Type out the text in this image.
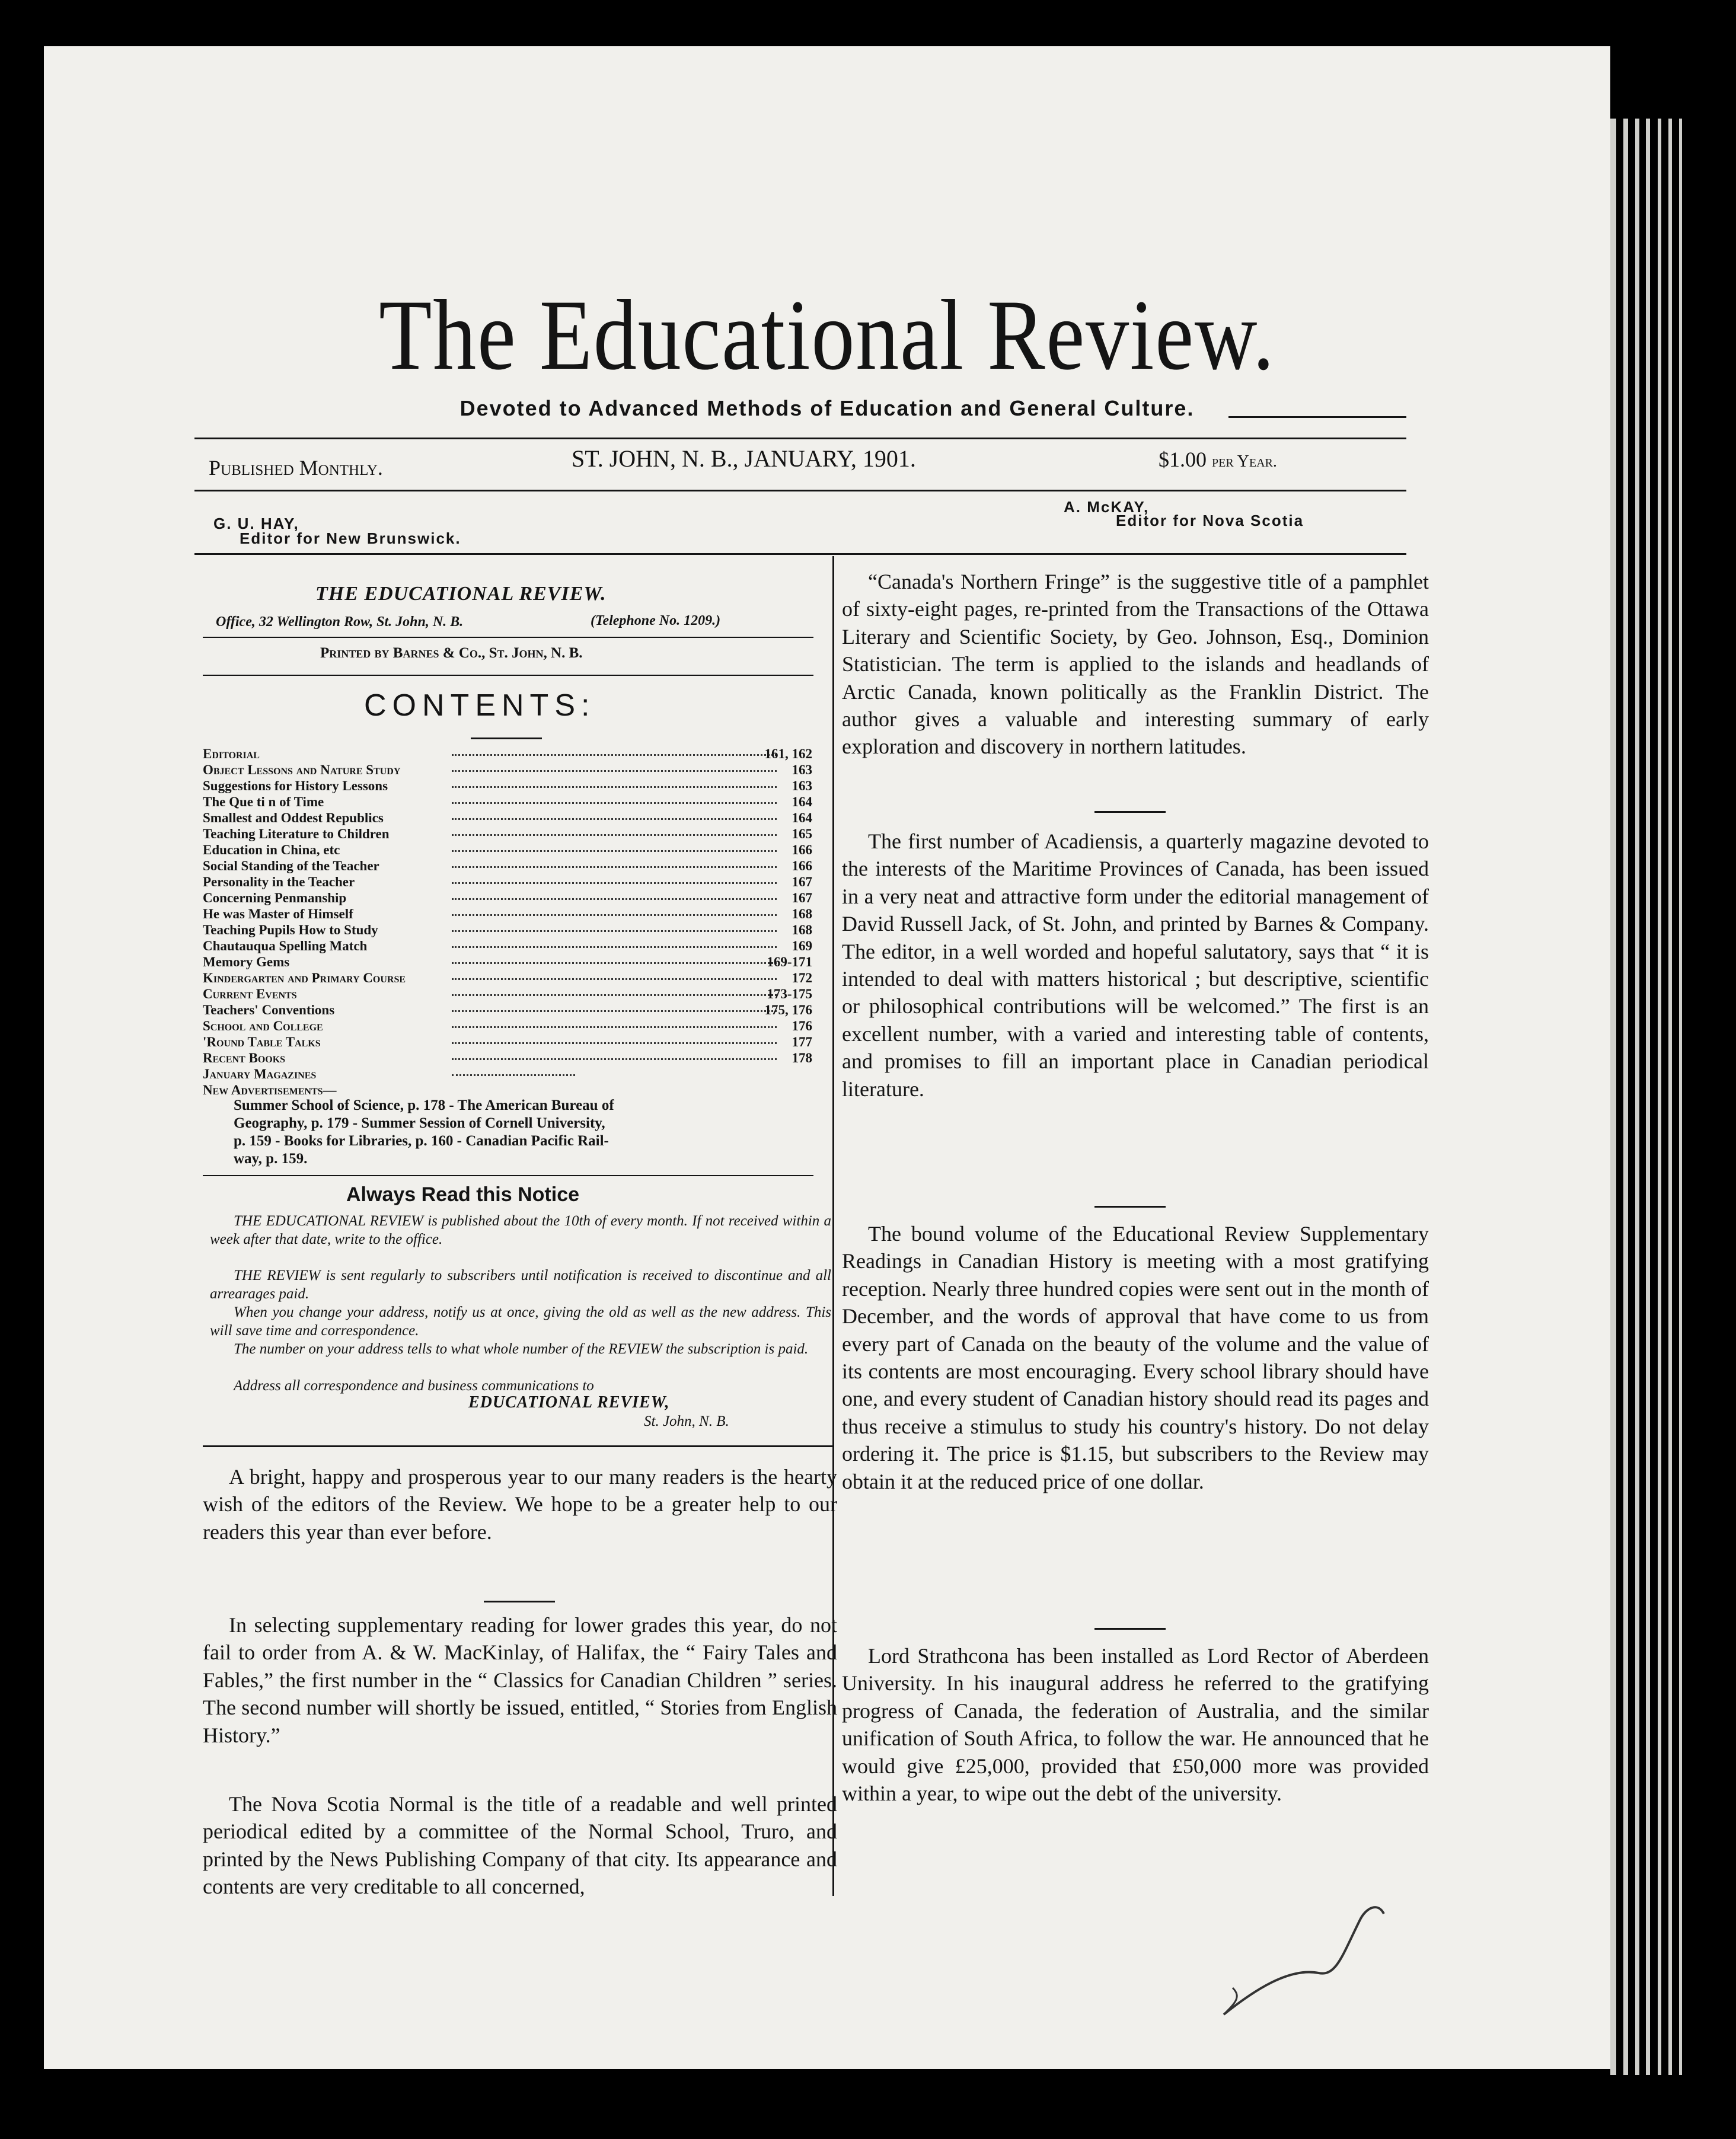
The Educational Review.
Devoted to Advanced Methods of Education and General Culture.
Published Monthly.	ST. JOHN, N. B., JANUARY, 1901.	$1.00 per Year.
G. U. HAY,
Editor for New Brunswick.
A. McKAY,
Editor for Nova Scotia
THE EDUCATIONAL REVIEW.
Office, 32 Wellington Row, St. John, N. B.	(Telephone No. 1209.)
Printed by Barnes & Co., St. John, N. B.
CONTENTS:
Editorial	161, 162
Object Lessons and Nature Study	163
Suggestions for History Lessons	163
The Que ti n of Time	164
Smallest and Oddest Republics	164
Teaching Literature to Children	165
Education in China, etc	166
Social Standing of the Teacher	166
Personality in the Teacher	167
Concerning Penmanship	167
He was Master of Himself	168
Teaching Pupils How to Study	168
Chautauqua Spelling Match	169
Memory Gems	169-171
Kindergarten and Primary Course	172
Current Events	173-175
Teachers' Conventions	175, 176
School and College	176
'Round Table Talks	177
Recent Books	178
January Magazines
New Advertisements—
Summer School of Science, p. 178 - The American Bureau of
Geography, p. 179 - Summer Session of Cornell University,
p. 159 - Books for Libraries, p. 160 - Canadian Pacific Rail-
way, p. 159.
Always Read this Notice
THE EDUCATIONAL REVIEW is published about the 10th of every month. If not received within a week after that date, write to the office.
THE REVIEW is sent regularly to subscribers until notification is received to discontinue and all arrearages paid.
When you change your address, notify us at once, giving the old as well as the new address. This will save time and correspondence.
The number on your address tells to what whole number of the REVIEW the subscription is paid.
Address all correspondence and business communications to
EDUCATIONAL REVIEW,
St. John, N. B.

A bright, happy and prosperous year to our many readers is the hearty wish of the editors of the Review. We hope to be a greater help to our readers this year than ever before.

In selecting supplementary reading for lower grades this year, do not fail to order from A. & W. MacKinlay, of Halifax, the “ Fairy Tales and Fables,” the first number in the “ Classics for Canadian Children ” series. The second number will shortly be issued, entitled, “ Stories from English History.”

The Nova Scotia Normal is the title of a readable and well printed periodical edited by a committee of the Normal School, Truro, and printed by the News Publishing Company of that city. Its appearance and contents are very creditable to all concerned,

“Canada's Northern Fringe” is the suggestive title of a pamphlet of sixty-eight pages, re-printed from the Transactions of the Ottawa Literary and Scientific Society, by Geo. Johnson, Esq., Dominion Statistician. The term is applied to the islands and headlands of Arctic Canada, known politically as the Franklin District. The author gives a valuable and interesting summary of early exploration and discovery in northern latitudes.

The first number of Acadiensis, a quarterly magazine devoted to the interests of the Maritime Provinces of Canada, has been issued in a very neat and attractive form under the editorial management of David Russell Jack, of St. John, and printed by Barnes & Company. The editor, in a well worded and hopeful salutatory, says that “ it is intended to deal with matters historical ; but descriptive, scientific or philosophical contributions will be welcomed.” The first is an excellent number, with a varied and interesting table of contents, and promises to fill an important place in Canadian periodical literature.

The bound volume of the Educational Review Supplementary Readings in Canadian History is meeting with a most gratifying reception. Nearly three hundred copies were sent out in the month of December, and the words of approval that have come to us from every part of Canada on the beauty of the volume and the value of its contents are most encouraging. Every school library should have one, and every student of Canadian history should read its pages and thus receive a stimulus to study his country's history. Do not delay ordering it. The price is $1.15, but subscribers to the Review may obtain it at the reduced price of one dollar.

Lord Strathcona has been installed as Lord Rector of Aberdeen University. In his inaugural address he referred to the gratifying progress of Canada, the federation of Australia, and the similar unification of South Africa, to follow the war. He announced that he would give £25,000, provided that £50,000 more was provided within a year, to wipe out the debt of the university.
